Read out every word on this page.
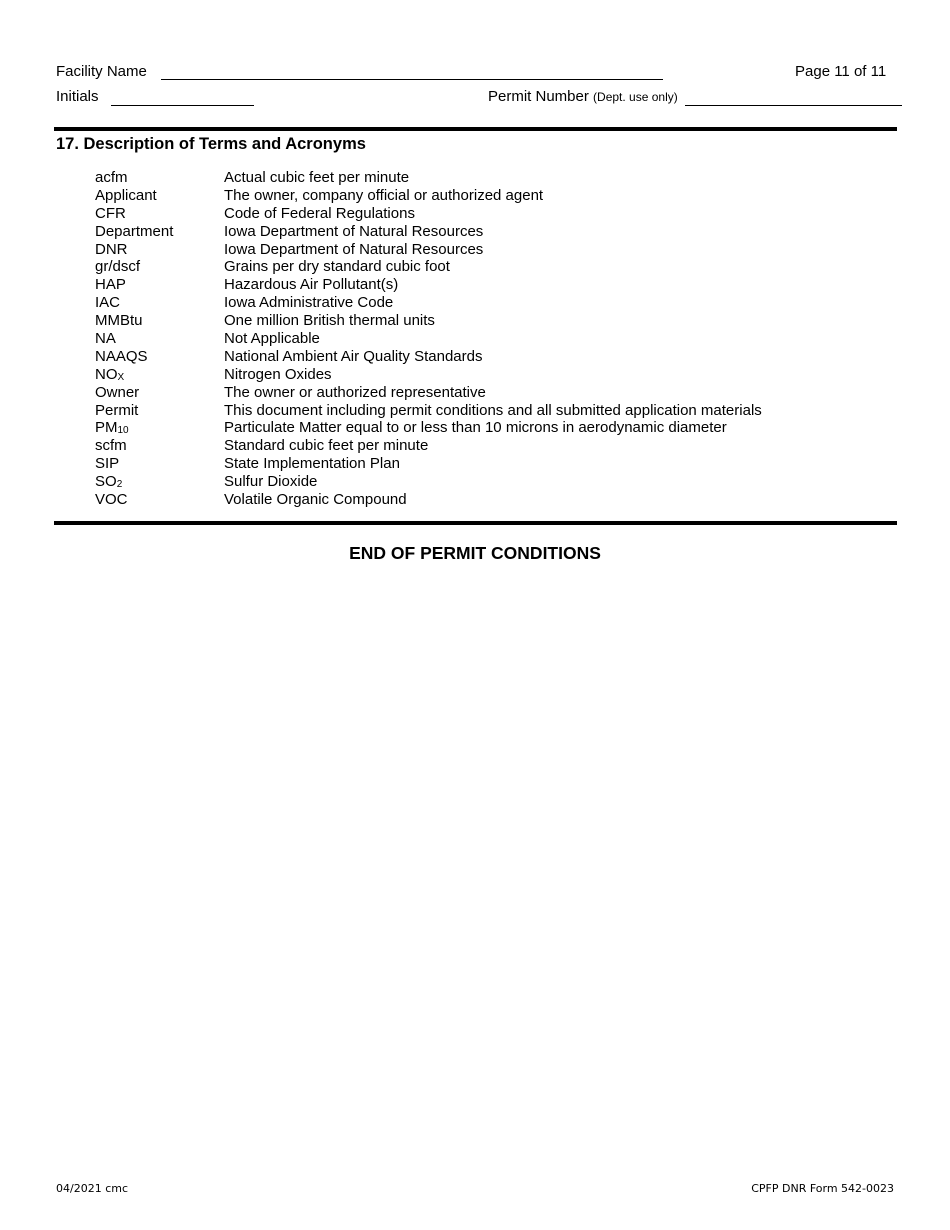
Facility Name	Page 11 of 11
Initials	Permit Number (Dept. use only)
17. Description of Terms and Acronyms
acfm	Actual cubic feet per minute
Applicant	The owner, company official or authorized agent
CFR	Code of Federal Regulations
Department	Iowa Department of Natural Resources
DNR	Iowa Department of Natural Resources
gr/dscf	Grains per dry standard cubic foot
HAP	Hazardous Air Pollutant(s)
IAC	Iowa Administrative Code
MMBtu	One million British thermal units
NA	Not Applicable
NAAQS	National Ambient Air Quality Standards
$NO_X$	Nitrogen Oxides
Owner	The owner or authorized representative
Permit	This document including permit conditions and all submitted application materials
$PM_{10}$	Particulate Matter equal to or less than 10 microns in aerodynamic diameter
scfm	Standard cubic feet per minute
SIP	State Implementation Plan
$SO_2$	Sulfur Dioxide
VOC	Volatile Organic Compound
END OF PERMIT CONDITIONS
04/2021 cmc	CPFP DNR Form 542-0023
